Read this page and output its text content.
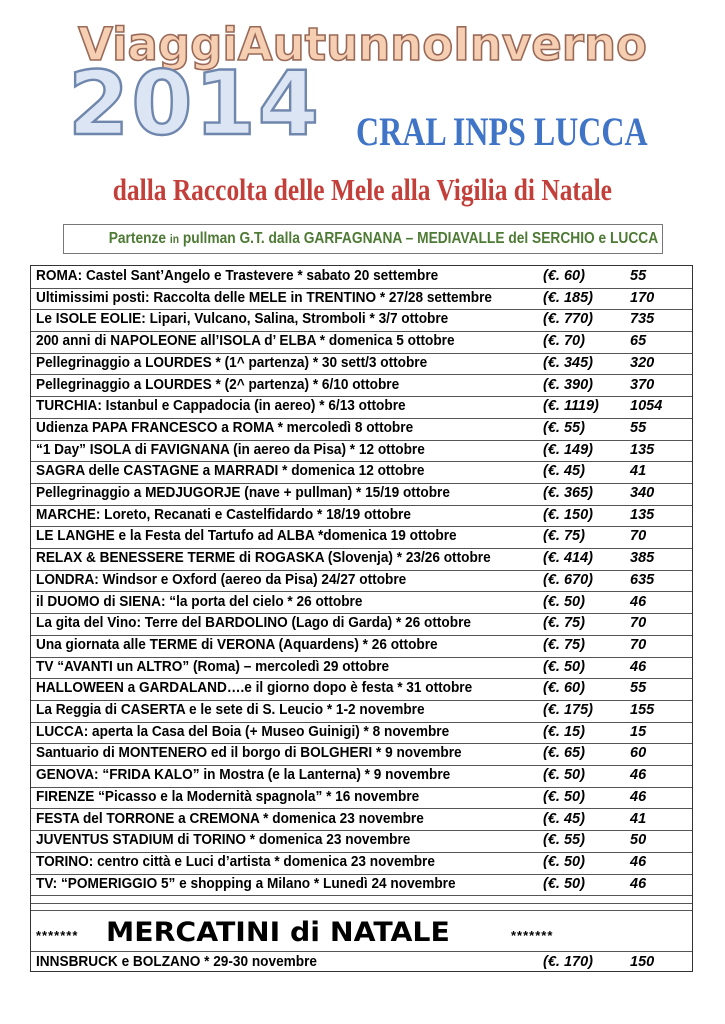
ViaggiAutunnoInverno
2014 CRAL INPS LUCCA
dalla Raccolta delle Mele alla Vigilia di Natale
Partenze in pullman G.T. dalla GARFAGNANA – MEDIAVALLE del SERCHIO e LUCCA
ROMA: Castel Sant’Angelo e Trastevere * sabato 20 settembre	(€. 60)	55
Ultimissimi posti: Raccolta delle MELE in TRENTINO * 27/28 settembre	(€. 185)	170
Le ISOLE EOLIE: Lipari, Vulcano, Salina, Stromboli * 3/7 ottobre	(€. 770)	735
200 anni di NAPOLEONE all’ISOLA d’ ELBA * domenica 5 ottobre	(€. 70)	65
Pellegrinaggio a LOURDES * (1^ partenza) * 30 sett/3 ottobre	(€. 345)	320
Pellegrinaggio a LOURDES * (2^ partenza) * 6/10 ottobre	(€. 390)	370
TURCHIA: Istanbul e Cappadocia (in aereo) * 6/13 ottobre	(€. 1119) 1054
Udienza PAPA FRANCESCO a ROMA * mercoledì 8 ottobre	(€. 55)	55
“1 Day” ISOLA di FAVIGNANA (in aereo da Pisa) * 12 ottobre	(€. 149)	135
SAGRA delle CASTAGNE a MARRADI * domenica 12 ottobre	(€. 45)	41
Pellegrinaggio a MEDJUGORJE (nave + pullman) * 15/19 ottobre	(€. 365)	340
MARCHE: Loreto, Recanati e Castelfidardo * 18/19 ottobre	(€. 150)	135
LE LANGHE e la Festa del Tartufo ad ALBA *domenica 19 ottobre	(€. 75)	70
RELAX & BENESSERE TERME di ROGASKA (Slovenja) * 23/26 ottobre	(€. 414)	385
LONDRA: Windsor e Oxford (aereo da Pisa) 24/27 ottobre	(€. 670)	635
il DUOMO di SIENA: “la porta del cielo * 26 ottobre	(€. 50)	46
La gita del Vino: Terre del BARDOLINO (Lago di Garda) * 26 ottobre	(€. 75)	70
Una giornata alle TERME di VERONA (Aquardens) * 26 ottobre	(€. 75)	70
TV “AVANTI un ALTRO” (Roma) – mercoledì 29 ottobre	(€. 50)	46
HALLOWEEN a GARDALAND….e il giorno dopo è festa * 31 ottobre	(€. 60)	55
La Reggia di CASERTA e le sete di S. Leucio * 1-2 novembre	(€. 175)	155
LUCCA: aperta la Casa del Boia (+ Museo Guinigi) * 8 novembre	(€. 15)	15
Santuario di MONTENERO ed il borgo di BOLGHERI * 9 novembre	(€. 65)	60
GENOVA: “FRIDA KALO” in Mostra (e la Lanterna) * 9 novembre	(€. 50)	46
FIRENZE “Picasso e la Modernità spagnola” * 16 novembre	(€. 50)	46
FESTA del TORRONE a CREMONA * domenica 23 novembre	(€. 45)	41
JUVENTUS STADIUM di TORINO * domenica 23 novembre	(€. 55)	50
TORINO: centro città e Luci d’artista * domenica 23 novembre	(€. 50)	46
TV: “POMERIGGIO 5” e shopping a Milano * Lunedì 24 novembre	(€. 50)	46
******* MERCATINI di NATALE	*******
INNSBRUCK e BOLZANO * 29-30 novembre	(€. 170)	150
